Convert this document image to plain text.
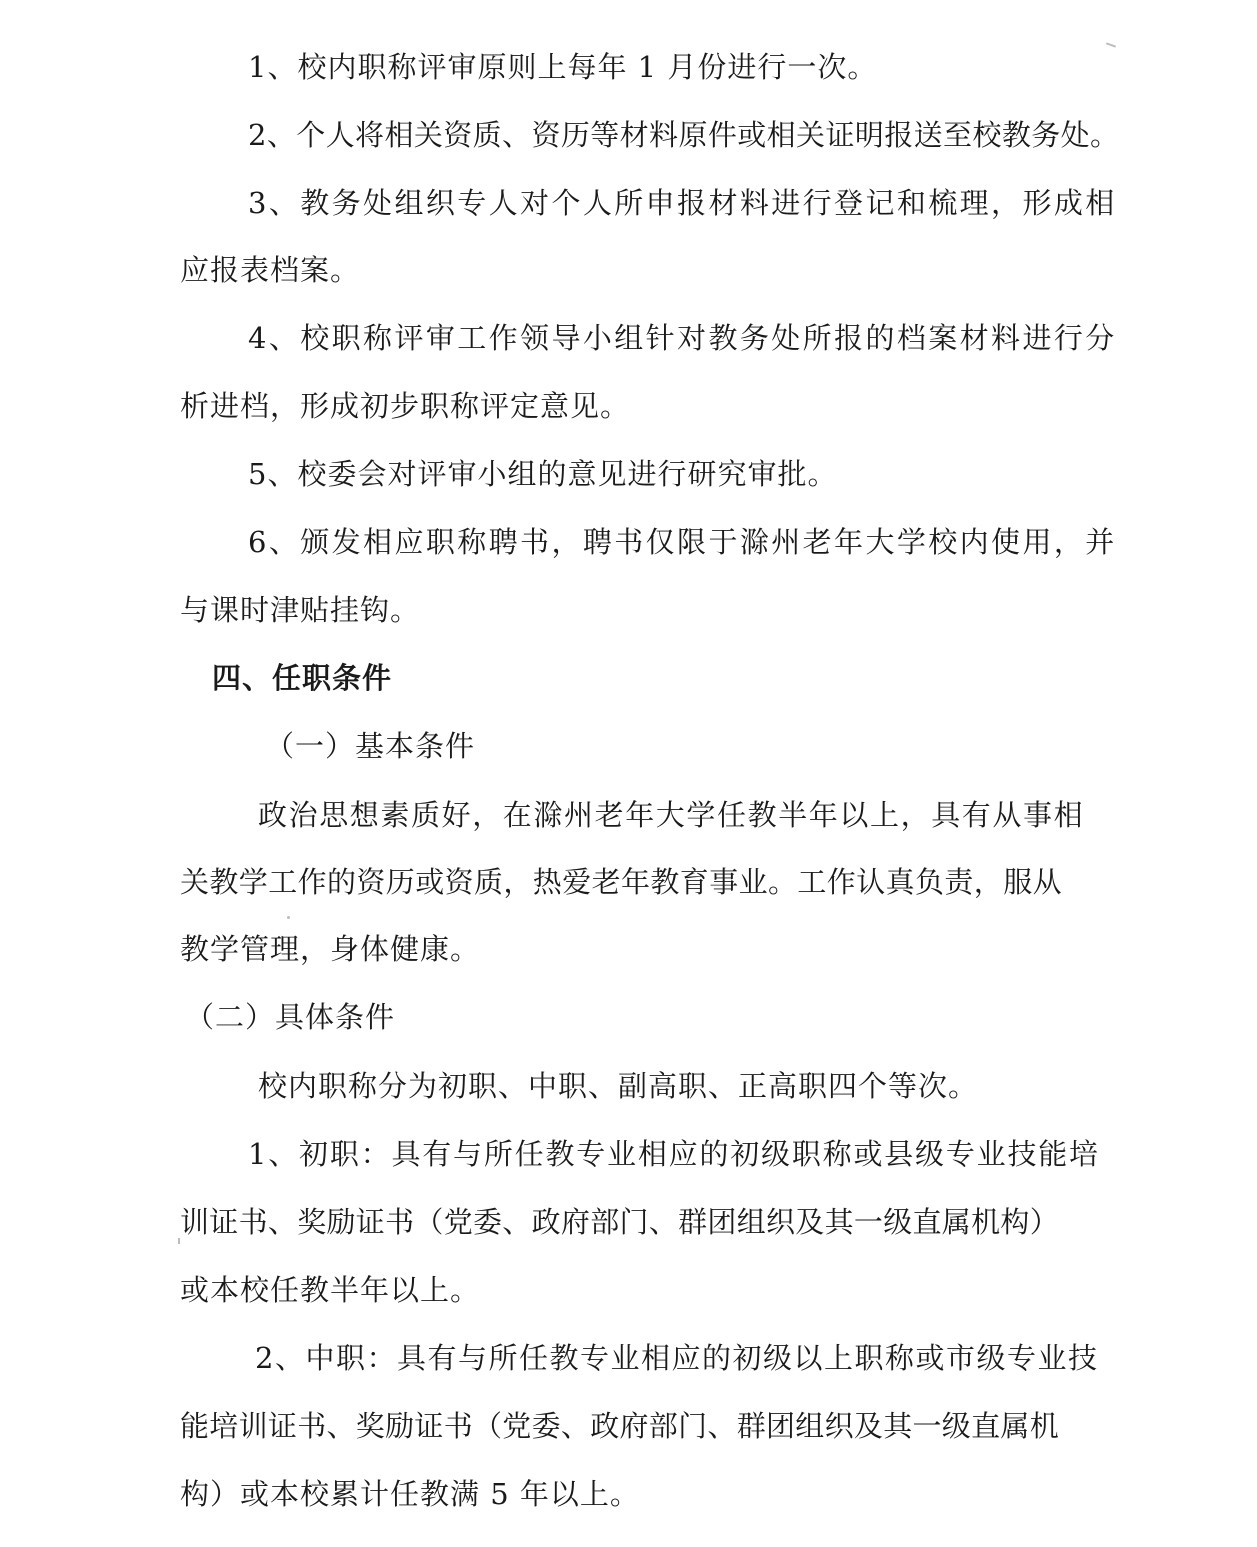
1、校内职称评审原则上每年 1 月份进行一次。
2、个人将相关资质、资历等材料原件或相关证明报送至校教务处。
3、教务处组织专人对个人所申报材料进行登记和梳理，形成相
应报表档案。
4、校职称评审工作领导小组针对教务处所报的档案材料进行分
析进档，形成初步职称评定意见。
5、校委会对评审小组的意见进行研究审批。
6、颁发相应职称聘书，聘书仅限于滁州老年大学校内使用，并
与课时津贴挂钩。
四、任职条件
（一）基本条件
政治思想素质好，在滁州老年大学任教半年以上，具有从事相
关教学工作的资历或资质，热爱老年教育事业。工作认真负责，服从
教学管理，身体健康。
（二）具体条件
校内职称分为初职、中职、副高职、正高职四个等次。
1、初职：具有与所任教专业相应的初级职称或县级专业技能培
训证书、奖励证书（党委、政府部门、群团组织及其一级直属机构）
或本校任教半年以上。
2、中职：具有与所任教专业相应的初级以上职称或市级专业技
能培训证书、奖励证书（党委、政府部门、群团组织及其一级直属机
构）或本校累计任教满 5 年以上。
